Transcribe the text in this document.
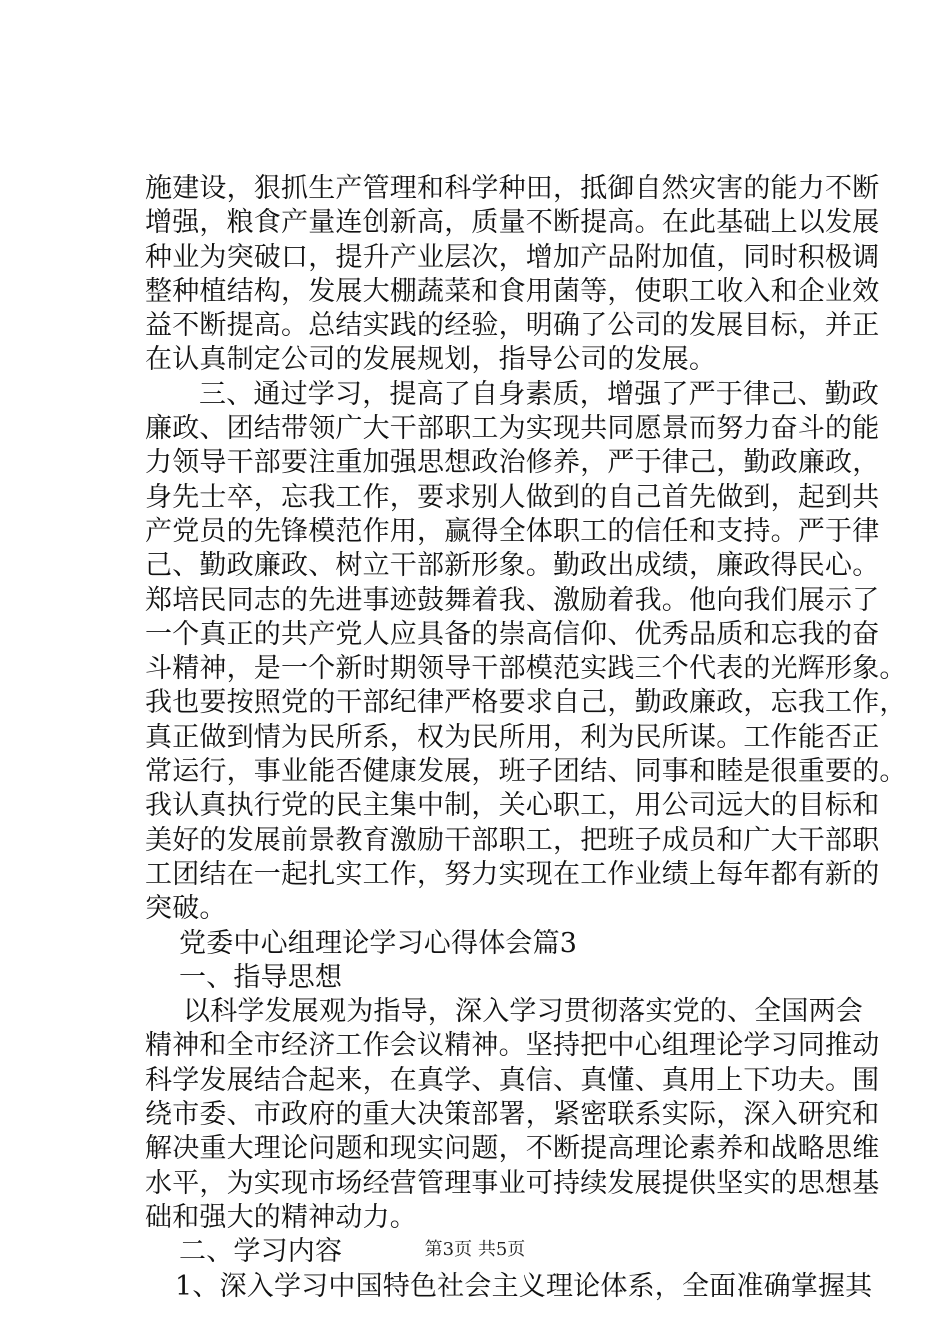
施建设，狠抓生产管理和科学种田，抵御自然灾害的能力不断
增强，粮食产量连创新高，质量不断提高。在此基础上以发展
种业为突破口，提升产业层次，增加产品附加值，同时积极调
整种植结构，发展大棚蔬菜和食用菌等，使职工收入和企业效
益不断提高。总结实践的经验，明确了公司的发展目标，并正
在认真制定公司的发展规划，指导公司的发展。
三、通过学习，提高了自身素质，增强了严于律己、勤政
廉政、团结带领广大干部职工为实现共同愿景而努力奋斗的能
力领导干部要注重加强思想政治修养，严于律己，勤政廉政，
身先士卒，忘我工作，要求别人做到的自己首先做到，起到共
产党员的先锋模范作用，赢得全体职工的信任和支持。严于律
己、勤政廉政、树立干部新形象。勤政出成绩，廉政得民心。
郑培民同志的先进事迹鼓舞着我、激励着我。他向我们展示了
一个真正的共产党人应具备的崇高信仰、优秀品质和忘我的奋
斗精神，是一个新时期领导干部模范实践三个代表的光辉形象。
我也要按照党的干部纪律严格要求自己，勤政廉政，忘我工作，
真正做到情为民所系，权为民所用，利为民所谋。工作能否正
常运行，事业能否健康发展，班子团结、同事和睦是很重要的。
我认真执行党的民主集中制，关心职工，用公司远大的目标和
美好的发展前景教育激励干部职工，把班子成员和广大干部职
工团结在一起扎实工作，努力实现在工作业绩上每年都有新的
突破。
党委中心组理论学习心得体会篇3
一、指导思想
以科学发展观为指导，深入学习贯彻落实党的、全国两会
精神和全市经济工作会议精神。坚持把中心组理论学习同推动
科学发展结合起来，在真学、真信、真懂、真用上下功夫。围
绕市委、市政府的重大决策部署，紧密联系实际，深入研究和
解决重大理论问题和现实问题，不断提高理论素养和战略思维
水平，为实现市场经营管理事业可持续发展提供坚实的思想基
础和强大的精神动力。
二、学习内容
1、深入学习中国特色社会主义理论体系，全面准确掌握其
第3页 共5页
